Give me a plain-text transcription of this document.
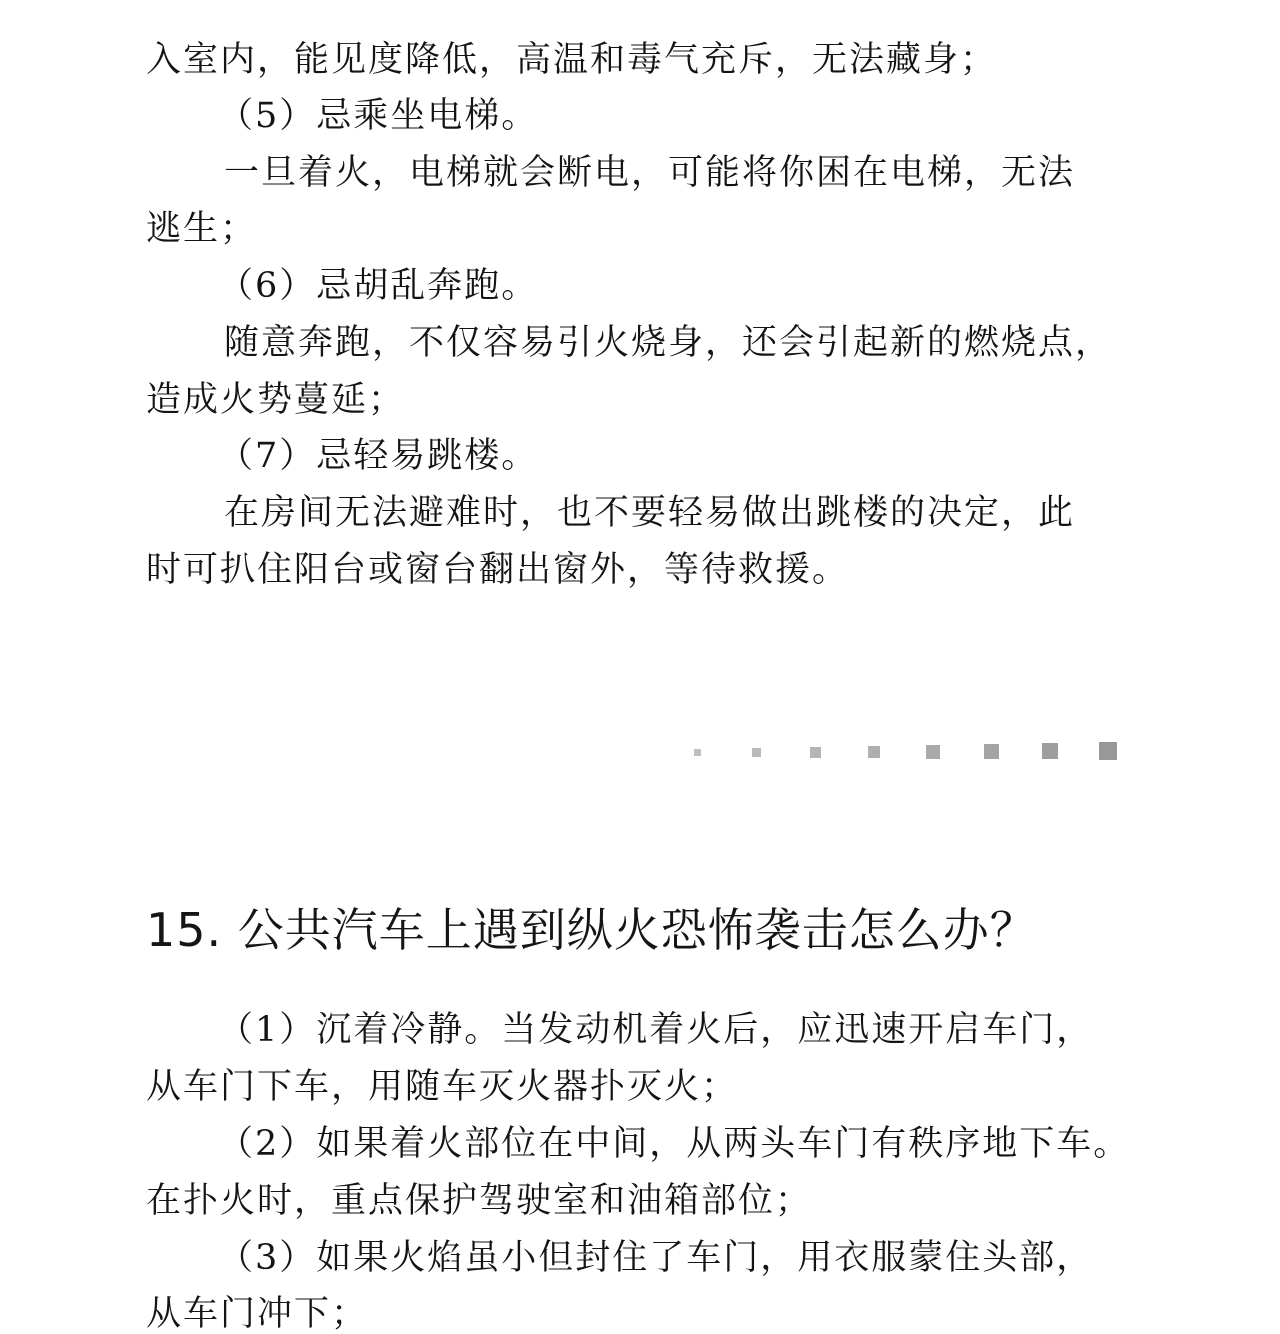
入室内，能见度降低，高温和毒气充斥，无法藏身；
（5）忌乘坐电梯。
一旦着火，电梯就会断电，可能将你困在电梯，无法
逃生；
（6）忌胡乱奔跑。
随意奔跑，不仅容易引火烧身，还会引起新的燃烧点，
造成火势蔓延；
（7）忌轻易跳楼。
在房间无法避难时，也不要轻易做出跳楼的决定，此
时可扒住阳台或窗台翻出窗外，等待救援。
15. 公共汽车上遇到纵火恐怖袭击怎么办？
（1）沉着冷静。当发动机着火后，应迅速开启车门，
从车门下车，用随车灭火器扑灭火；
（2）如果着火部位在中间，从两头车门有秩序地下车。
在扑火时，重点保护驾驶室和油箱部位；
（3）如果火焰虽小但封住了车门，用衣服蒙住头部，
从车门冲下；
